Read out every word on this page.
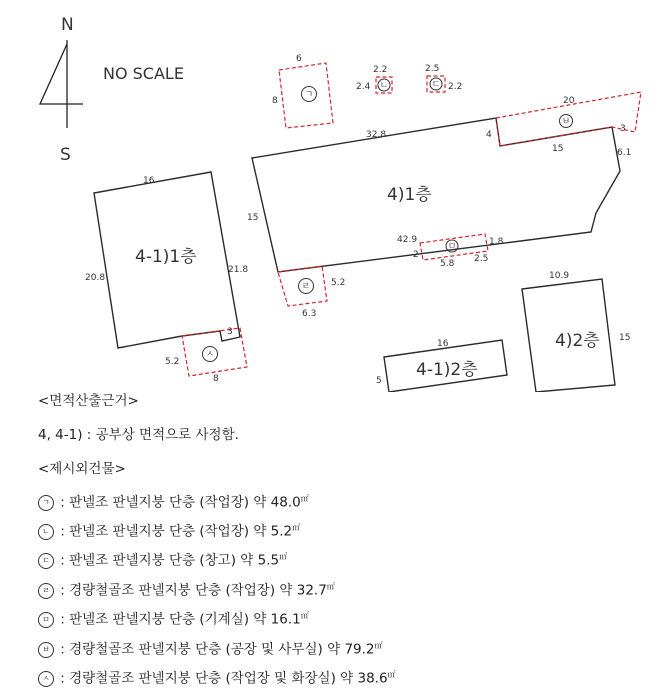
N
S
NO SCALE
4)1층
32.8
15
4
15	6.1
42.9
4-1)1층
16
20.8
21.8
3	4)2층
10.9
15
4-1)2층
16
5
ㄱ
6
8
ㄴ
2.2
2.4	ㄷ
2.5
2.2
ㄹ 5.2
6.3
ㅁ
2
1.8
5.8 2.5
ㅂ
20
3
ㅅ
5.2
8
<면적산출근거>
4, 4-1) : 공부상 면적으로 사정함.
<제시외건물>
ㄱ : 판넬조 판넬지붕 단층 (작업장) 약 48.0㎡
ㄴ : 판넬조 판넬지붕 단층 (작업장) 약 5.2㎡
ㄷ : 판넬조 판넬지붕 단층 (창고) 약 5.5㎡
ㄹ : 경량철골조 판넬지붕 단층 (작업장) 약 32.7㎡
ㅁ : 판넬조 판넬지붕 단층 (기계실) 약 16.1㎡
ㅂ : 경량철골조 판넬지붕 단층 (공장 및 사무실) 약 79.2㎡
ㅅ : 경량철골조 판넬지붕 단층 (작업장 및 화장실) 약 38.6㎡
